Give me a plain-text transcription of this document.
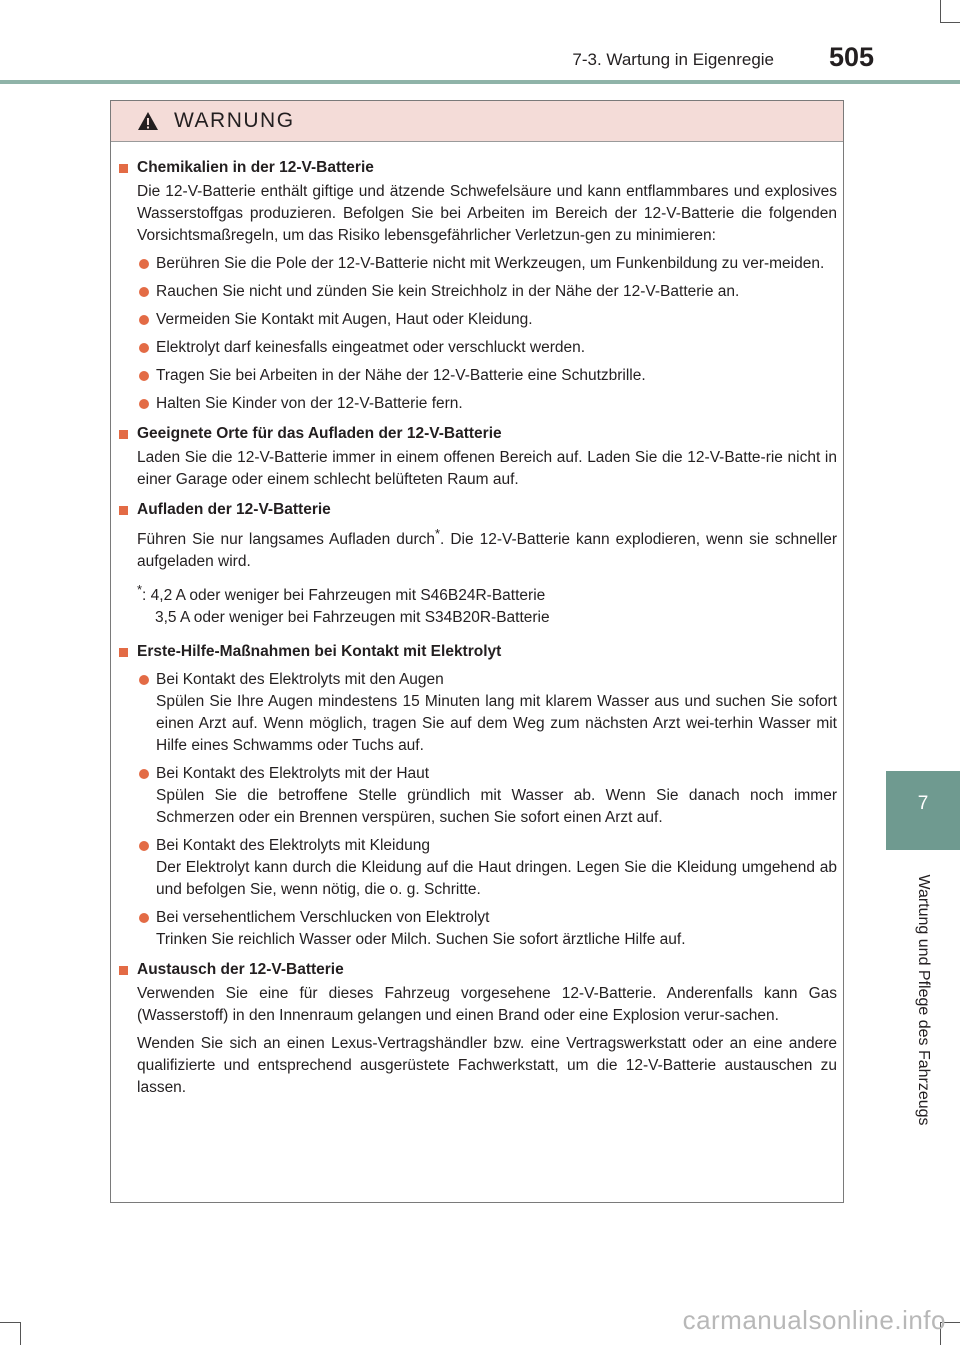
7-3. Wartung in Eigenregie 505
7
Wartung und Pflege des Fahrzeugs
WARNUNG
Chemikalien in der 12-V-Batterie
Die 12-V-Batterie enthält giftige und ätzende Schwefelsäure und kann entflammbares und explosives Wasserstoffgas produzieren. Befolgen Sie bei Arbeiten im Bereich der 12-V-Batterie die folgenden Vorsichtsmaßregeln, um das Risiko lebensgefährlicher Verletzun-gen zu minimieren:
Berühren Sie die Pole der 12-V-Batterie nicht mit Werkzeugen, um Funkenbildung zu ver-meiden.
Rauchen Sie nicht und zünden Sie kein Streichholz in der Nähe der 12-V-Batterie an.
Vermeiden Sie Kontakt mit Augen, Haut oder Kleidung.
Elektrolyt darf keinesfalls eingeatmet oder verschluckt werden.
Tragen Sie bei Arbeiten in der Nähe der 12-V-Batterie eine Schutzbrille.
Halten Sie Kinder von der 12-V-Batterie fern.
Geeignete Orte für das Aufladen der 12-V-Batterie
Laden Sie die 12-V-Batterie immer in einem offenen Bereich auf. Laden Sie die 12-V-Batte-rie nicht in einer Garage oder einem schlecht belüfteten Raum auf.
Aufladen der 12-V-Batterie
Führen Sie nur langsames Aufladen durch*. Die 12-V-Batterie kann explodieren, wenn sie schneller aufgeladen wird.
*: 4,2 A oder weniger bei Fahrzeugen mit S46B24R-Batterie
3,5 A oder weniger bei Fahrzeugen mit S34B20R-Batterie
Erste-Hilfe-Maßnahmen bei Kontakt mit Elektrolyt
Bei Kontakt des Elektrolyts mit den Augen
Spülen Sie Ihre Augen mindestens 15 Minuten lang mit klarem Wasser aus und suchen Sie sofort einen Arzt auf. Wenn möglich, tragen Sie auf dem Weg zum nächsten Arzt wei-terhin Wasser mit Hilfe eines Schwamms oder Tuchs auf.
Bei Kontakt des Elektrolyts mit der Haut
Spülen Sie die betroffene Stelle gründlich mit Wasser ab. Wenn Sie danach noch immer Schmerzen oder ein Brennen verspüren, suchen Sie sofort einen Arzt auf.
Bei Kontakt des Elektrolyts mit Kleidung
Der Elektrolyt kann durch die Kleidung auf die Haut dringen. Legen Sie die Kleidung umgehend ab und befolgen Sie, wenn nötig, die o. g. Schritte.
Bei versehentlichem Verschlucken von Elektrolyt
Trinken Sie reichlich Wasser oder Milch. Suchen Sie sofort ärztliche Hilfe auf.
Austausch der 12-V-Batterie
Verwenden Sie eine für dieses Fahrzeug vorgesehene 12-V-Batterie. Anderenfalls kann Gas (Wasserstoff) in den Innenraum gelangen und einen Brand oder eine Explosion verur-sachen.
Wenden Sie sich an einen Lexus-Vertragshändler bzw. eine Vertragswerkstatt oder an eine andere qualifizierte und entsprechend ausgerüstete Fachwerkstatt, um die 12-V-Batterie austauschen zu lassen.
carmanualsonline.info
